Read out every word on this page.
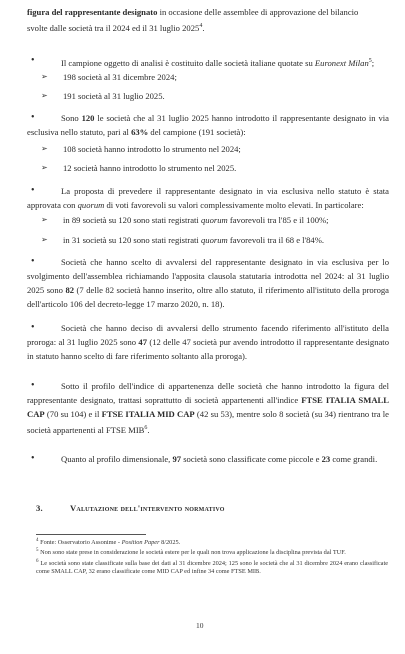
figura del rappresentante designato in occasione delle assemblee di approvazione del bilancio
svolte dalle società tra il 2024 ed il 31 luglio 2025$^4$.
•	Il campione oggetto di analisi è costituito dalle società italiane quotate su Euronext Milan$^5$;
➢ 198 società al 31 dicembre 2024;
➢ 191 società al 31 luglio 2025.
•	Sono 120 le società che al 31 luglio 2025 hanno introdotto il rappresentante designato in via esclusiva nello statuto, pari al 63% del campione (191 società):
➢ 108 società hanno introdotto lo strumento nel 2024;
➢ 12 società hanno introdotto lo strumento nel 2025.
•	La proposta di prevedere il rappresentante designato in via esclusiva nello statuto è stata approvata con quorum di voti favorevoli su valori complessivamente molto elevati. In particolare:
➢ in 89 società su 120 sono stati registrati quorum favorevoli tra l'85 e il 100%;
➢ in 31 società su 120 sono stati registrati quorum favorevoli tra il 68 e l'84%.
•	Società che hanno scelto di avvalersi del rappresentante designato in via esclusiva per lo svolgimento dell'assemblea richiamando l'apposita clausola statutaria introdotta nel 2024: al 31 luglio 2025 sono 82 (7 delle 82 società hanno inserito, oltre allo statuto, il riferimento all'istituto della proroga dell'articolo 106 del decreto-legge 17 marzo 2020, n. 18).
•	Società che hanno deciso di avvalersi dello strumento facendo riferimento all'istituto della proroga: al 31 luglio 2025 sono 47 (12 delle 47 società pur avendo introdotto il rappresentante designato in statuto hanno scelto di fare riferimento soltanto alla proroga).
•	Sotto il profilo dell'indice di appartenenza delle società che hanno introdotto la figura del rappresentante designato, trattasi soprattutto di società appartenenti all'indice FTSE ITALIA SMALL CAP (70 su 104) e il FTSE ITALIA MID CAP (42 su 53), mentre solo 8 società (su 34) rientrano tra le società appartenenti al FTSE MIB$^6$.
•	Quanto al profilo dimensionale, 97 società sono classificate come piccole e 23 come grandi.
3.	Valutazione dell'intervento normativo
$^4$ Fonte: Osservatorio Assonime - Position Paper 8/2025.
$^5$ Non sono state prese in considerazione le società estere per le quali non trova applicazione la disciplina prevista dal TUF.
$^6$ Le società sono state classificate sulla base dei dati al 31 dicembre 2024; 125 sono le società che al 31 dicembre 2024 erano classificate come SMALL CAP, 32 erano classificate come MID CAP ed infine 34 come FTSE MIB.
10
